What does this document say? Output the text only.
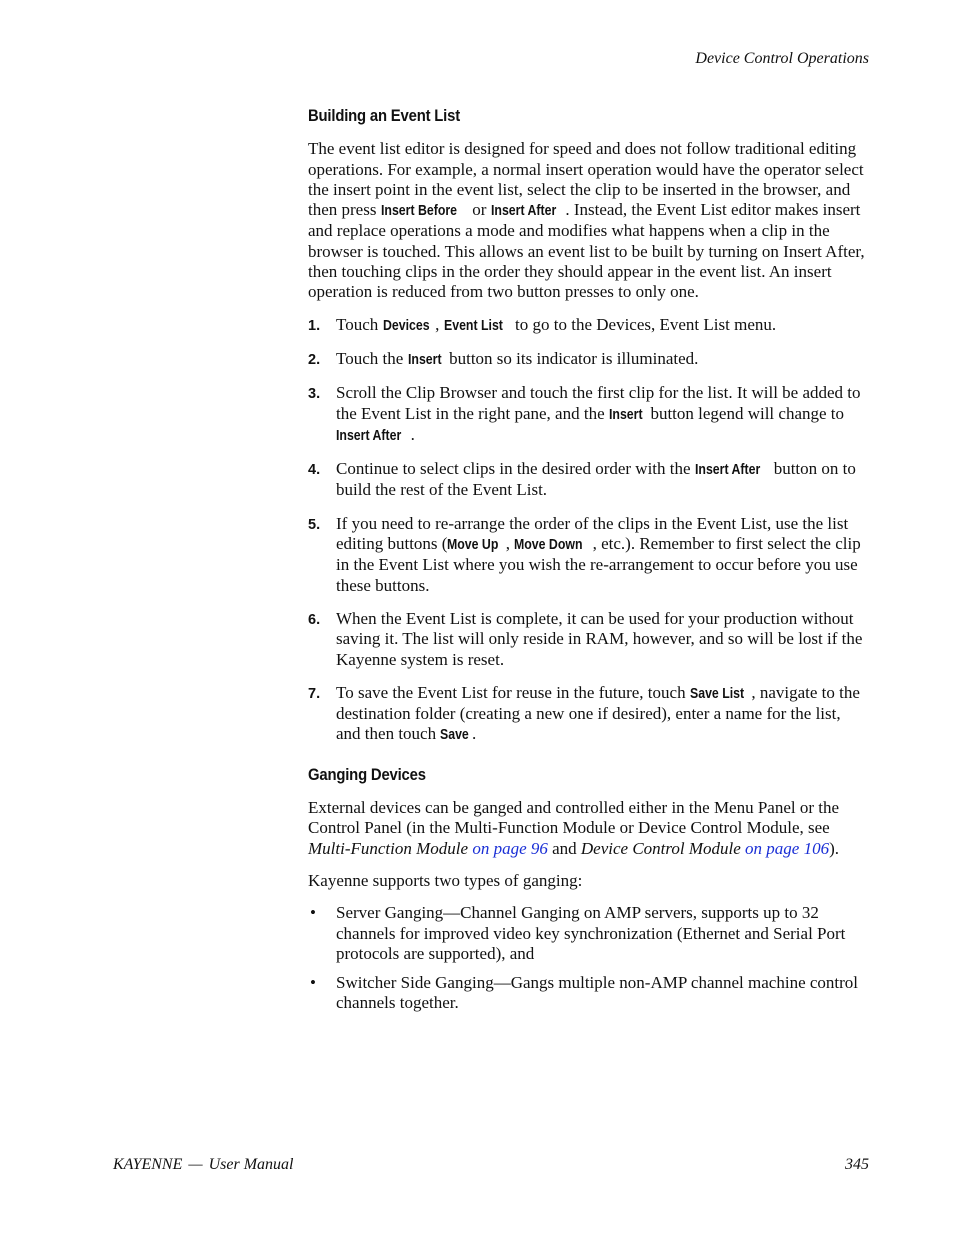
Device Control Operations
Building an Event List

The event list editor is designed for speed and does not follow traditional editing operations. For example, a normal insert operation would have the operator select the insert point in the event list, select the clip to be inserted in the browser, and then press Insert Before or Insert After . Instead, the Event List editor makes insert and replace operations a mode and modifies what happens when a clip in the browser is touched. This allows an event list to be built by turning on Insert After, then touching clips in the order they should appear in the event list. An insert operation is reduced from two button presses to only one.

1. Touch Devices , Event List to go to the Devices, Event List menu.
2. Touch the Insert button so its indicator is illuminated.
3. Scroll the Clip Browser and touch the first clip for the list. It will be added to the Event List in the right pane, and the Insert button legend will change to Insert After .
4. Continue to select clips in the desired order with the Insert After button on to build the rest of the Event List.
5. If you need to re-arrange the order of the clips in the Event List, use the list editing buttons (Move Up , Move Down , etc.). Remember to first select the clip in the Event List where you wish the re-arrangement to occur before you use these buttons.
6. When the Event List is complete, it can be used for your production without saving it. The list will only reside in RAM, however, and so will be lost if the Kayenne system is reset.
7. To save the Event List for reuse in the future, touch Save List , navigate to the destination folder (creating a new one if desired), enter a name for the list, and then touch Save .
Ganging Devices

External devices can be ganged and controlled either in the Menu Panel or the Control Panel (in the Multi-Function Module or Device Control Module, see Multi-Function Module on page 96 and Device Control Module on page 106).

Kayenne supports two types of ganging:

• Server Ganging—Channel Ganging on AMP servers, supports up to 32 channels for improved video key synchronization (Ethernet and Serial Port protocols are supported), and
• Switcher Side Ganging—Gangs multiple non-AMP channel machine control channels together.
KAYENNE — User Manual	345
